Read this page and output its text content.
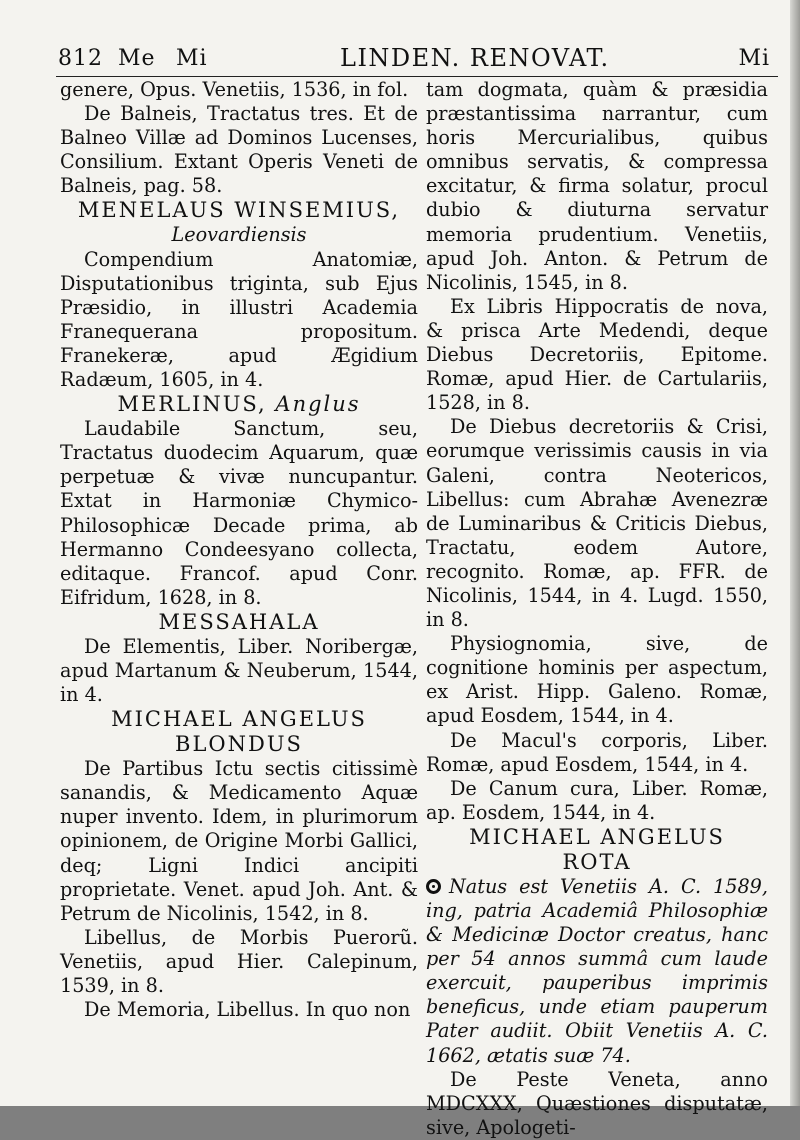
812 Me Mi	LINDEN. RENOVAT.	Mi

genere, Opus. Venetiis, 1536, in fol.

De Balneis, Tractatus tres. Et de Balneo Villæ ad Dominos Lucenses, Consilium. Extant Operis Veneti de Balneis, pag. 58.

MENELAUS WINSEMIUS,

Leovardiensis

Compendium Anatomiæ, Disputationibus triginta, sub Ejus Præsidio, in illustri Academia Franequerana propositum. Franekeræ, apud Ægidium Radæum, 1605, in 4.

MERLINUS, Anglus

Laudabile Sanctum, seu, Tractatus duodecim Aquarum, quæ perpetuæ & vivæ nuncupantur. Extat in Harmoniæ Chymico-Philosophicæ Decade prima, ab Hermanno Condeesyano collecta, editaque. Francof. apud Conr. Eifridum, 1628, in 8.

MESSAHALA

De Elementis, Liber. Noribergæ, apud Martanum & Neuberum, 1544, in 4.

MICHAEL ANGELUS

BLONDUS

De Partibus Ictu sectis citissimè sanandis, & Medicamento Aquæ nuper invento. Idem, in plurimorum opinionem, de Origine Morbi Gallici, deq; Ligni Indici ancipiti proprietate. Venet. apud Joh. Ant. & Petrum de Nicolinis, 1542, in 8.

Libellus, de Morbis Puerorũ. Venetiis, apud Hier. Calepinum, 1539, in 8.

De Memoria, Libellus. In quo non

tam dogmata, quàm & præsidia præstantissima narrantur, cum horis Mercurialibus, quibus omnibus servatis, & compressa excitatur, & firma solatur, procul dubio & diuturna servatur memoria prudentium. Venetiis, apud Joh. Anton. & Petrum de Nicolinis, 1545, in 8.

Ex Libris Hippocratis de nova, & prisca Arte Medendi, deque Diebus Decretoriis, Epitome. Romæ, apud Hier. de Cartulariis, 1528, in 8.

De Diebus decretoriis & Crisi, eorumque verissimis causis in via Galeni, contra Neotericos, Libellus: cum Abrahæ Avenezræ de Luminaribus & Criticis Diebus, Tractatu, eodem Autore, recognito. Romæ, ap. FFR. de Nicolinis, 1544, in 4. Lugd. 1550, in 8.

Physiognomia, sive, de cognitione hominis per aspectum, ex Arist. Hipp. Galeno. Romæ, apud Eosdem, 1544, in 4.

De Macul's corporis, Liber. Romæ, apud Eosdem, 1544, in 4.

De Canum cura, Liber. Romæ, ap. Eosdem, 1544, in 4.

MICHAEL ANGELUS

ROTA

Natus est Venetiis A. C. 1589, ing, patria Academiâ Philosophiæ & Medicinæ Doctor creatus, hanc per 54 annos summâ cum laude exercuit, pauperibus imprimis beneficus, unde etiam pauperum Pater audiit. Obiit Venetiis A. C. 1662, ætatis suæ 74.

De Peste Veneta, anno MDCXXX, Quæstiones disputatæ, sive, Apologeti-
